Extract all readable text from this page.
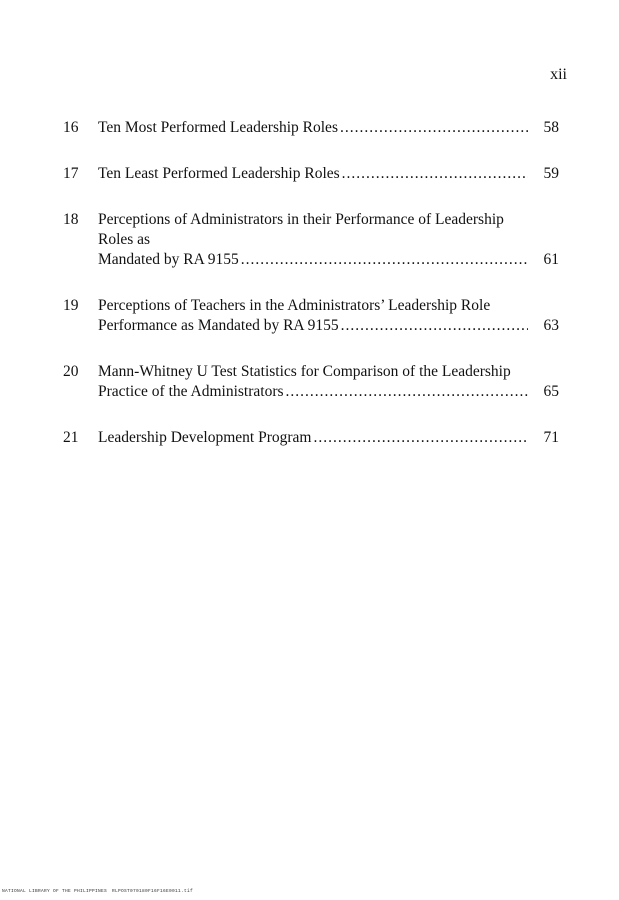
xii
16 Ten Most Performed Leadership Roles .....	58
17 Ten Least Performed Leadership Roles .....	59
18 Perceptions of Administrators in their Performance of Leadership Roles as
Mandated by RA 9155 .....	61
19 Perceptions of Teachers in the Administrators’ Leadership Role
Performance as Mandated by RA 9155 .....	63
20 Mann-Whitney U Test Statistics for Comparison of the Leadership
Practice of the Administrators .....	65
21 Leadership Development Program .....	71
NATIONAL LIBRARY OF THE PHILIPPINES RLPOST070180F16F16E0011.tif
